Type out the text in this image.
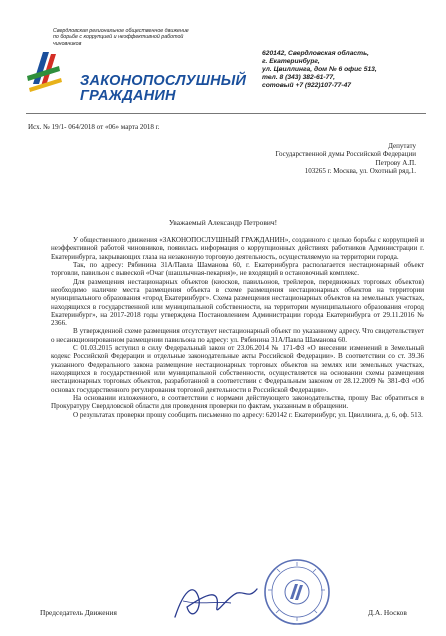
Свердловская региональное общественное движение
по борьбе с коррупцией и неэффективной работой чиновников
ЗАКОНОПОСЛУШНЫЙ
ГРАЖДАНИН
620142, Свердловская область,
г. Екатеринбург,
ул. Цвиллинга, дом № 6 офис 513,
тел. 8 (343) 382-61-77,
сотовый +7 (922)107-77-47
Исх. № 19/1- 064/2018 от «06» марта 2018 г.
Депутату
Государственной думы Российской Федерации
Петрову А.П.
103265 г. Москва, ул. Охотный ряд,1.
Уважаемый Александр Петрович!

У общественного движения «ЗАКОНОПОСЛУШНЫЙ ГРАЖДАНИН», созданного с целью борьбы с коррупцией и неэффективной работой чиновников, появилась информация о коррупционных действиях работников Администрации г. Екатеринбурга, закрывающих глаза на незаконную торговую деятельность, осуществляемую на территории города.

Так, по адресу: Рябинина 31А/Павла Шаманова 60, г. Екатеринбурга располагается нестационарный объект торговли, павильон с вывеской «Очаг (шашлычная-пекарня)», не входящий в остановочный комплекс.

Для размещения нестационарных объектов (киосков, павильонов, трейлеров, передвижных торговых объектов) необходимо наличие места размещения объекта в схеме размещения нестационарных объектов на территории муниципального образования «город Екатеринбург». Схема размещения нестационарных объектов на земельных участках, находящихся в государственной или муниципальной собственности, на территории муниципального образования «город Екатеринбург», на 2017-2018 годы утверждена Постановлением Администрации города Екатеринбурга от 29.11.2016 № 2366.

В утвержденной схеме размещения отсутствует нестационарный объект по указанному адресу. Что свидетельствует о несанкционированном размещении павильона по адресу: ул. Рябинина 31А/Павла Шаманова 60.

С 01.03.2015 вступил в силу Федеральный закон от 23.06.2014 № 171-ФЗ «О внесении изменений в Земельный кодекс Российской Федерации и отдельные законодательные акты Российской Федерации». В соответствии со ст. 39.36 указанного Федерального закона размещение нестационарных торговых объектов на землях или земельных участках, находящихся в государственной или муниципальной собственности, осуществляется на основании схемы размещения нестационарных торговых объектов, разработанной в соответствии с Федеральным законом от 28.12.2009 № 381-ФЗ «Об основах государственного регулирования торговой деятельности в Российской Федерации».

На основании изложенного, в соответствии с нормами действующего законодательства, прошу Вас обратиться в Прокуратуру Свердловской области для проведения проверки по фактам, указанным в обращении.

О результатах проверки прошу сообщить письменно по адресу: 620142 г. Екатеринбург, ул. Цвиллинга, д. 6, оф. 513.

Председатель Движения	Д.А. Носков
